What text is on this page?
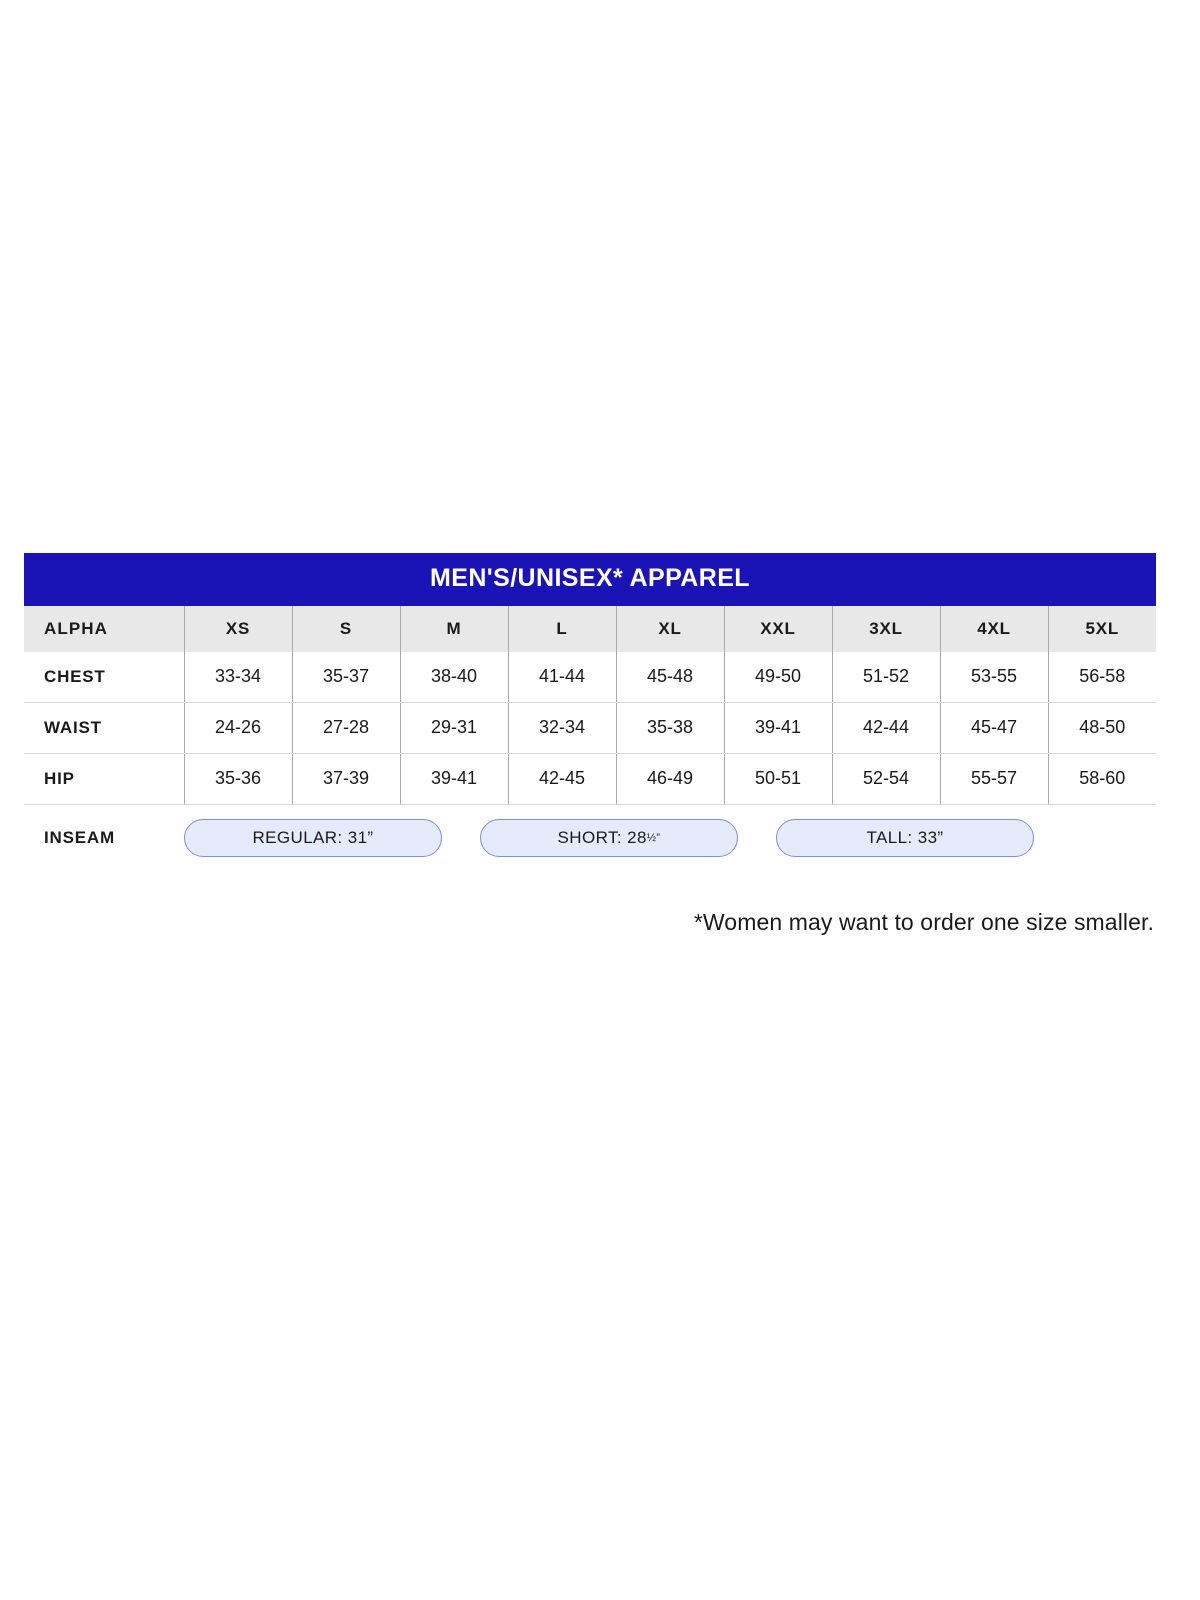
MEN'S/UNISEX* APPAREL
ALPHA	XS	S	M	L	XL	XXL	3XL	4XL	5XL
CHEST	33-34	35-37	38-40	41-44	45-48	49-50	51-52	53-55	56-58
WAIST	24-26	27-28	29-31	32-34	35-38	39-41	42-44	45-47	48-50
HIP	35-36	37-39	39-41	42-45	46-49	50-51	52-54	55-57	58-60
INSEAM	REGULAR: 31”	SHORT: 28 ½”	TALL: 33”
*Women may want to order one size smaller.
